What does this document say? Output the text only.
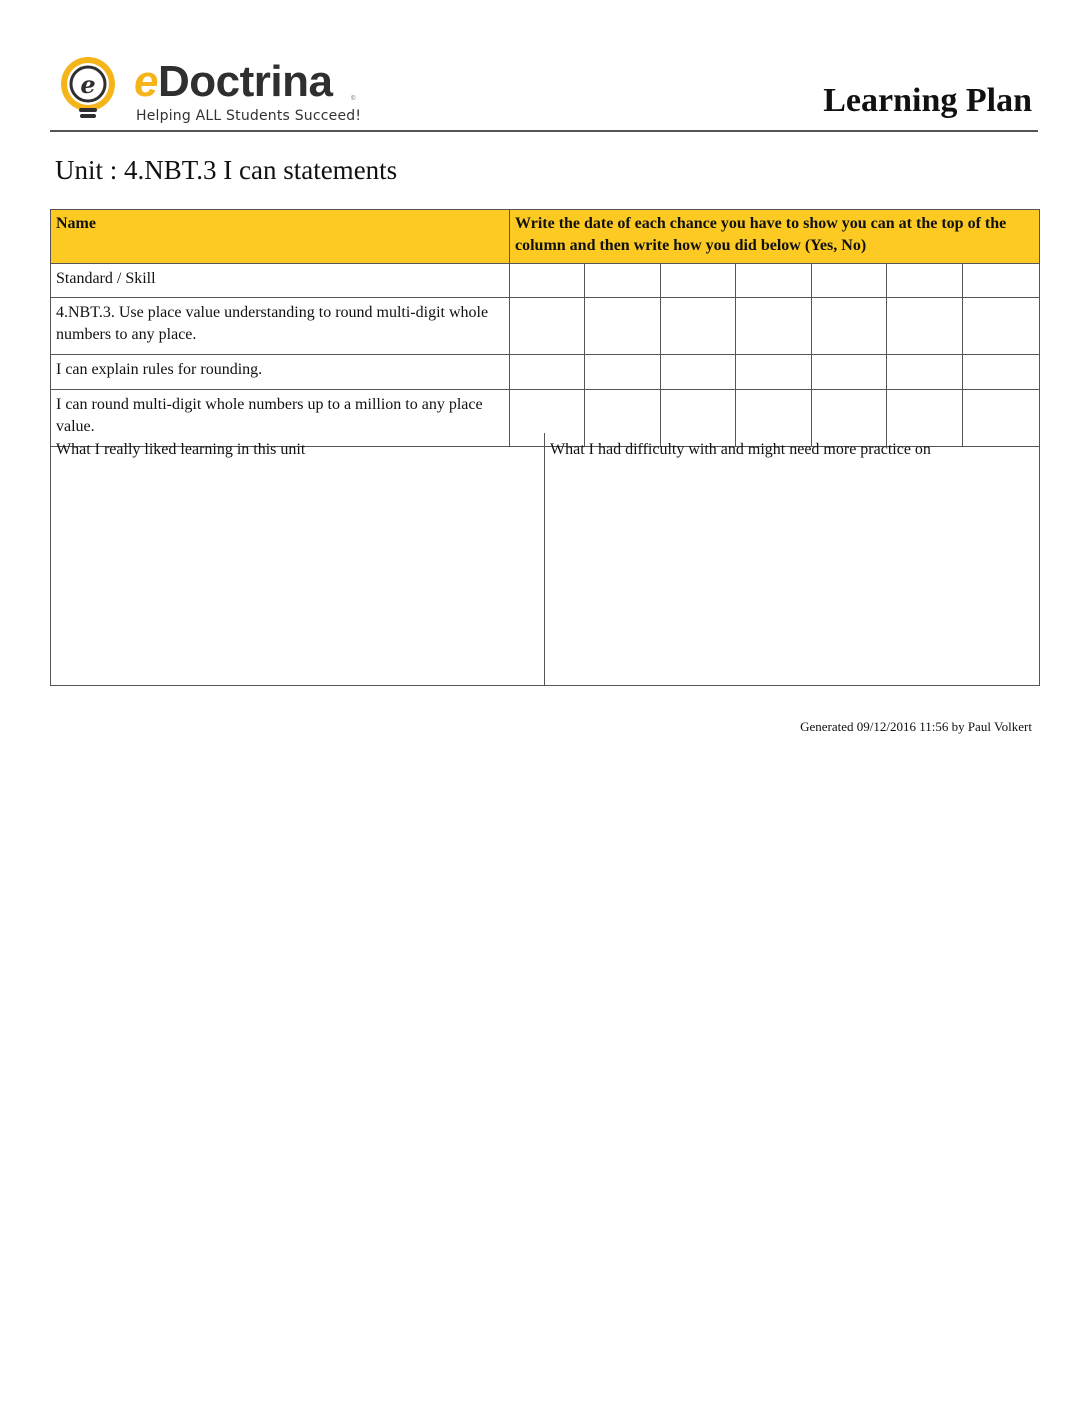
e eDoctrina	©
Helping ALL Students Succeed!	Learning Plan
Unit : 4.NBT.3 I can statements
Name	Write the date of each chance you have to show you can at the top of the column and then write how you did below (Yes, No)						
Standard / Skill							
4.NBT.3. Use place value understanding to round multi-digit whole numbers to any place.							
I can explain rules for rounding.							
I can round multi-digit whole numbers up to a million to any place value.							
What I really liked learning in this unit	What I had difficulty with and might need more practice on
Generated 09/12/2016 11:56 by Paul Volkert
